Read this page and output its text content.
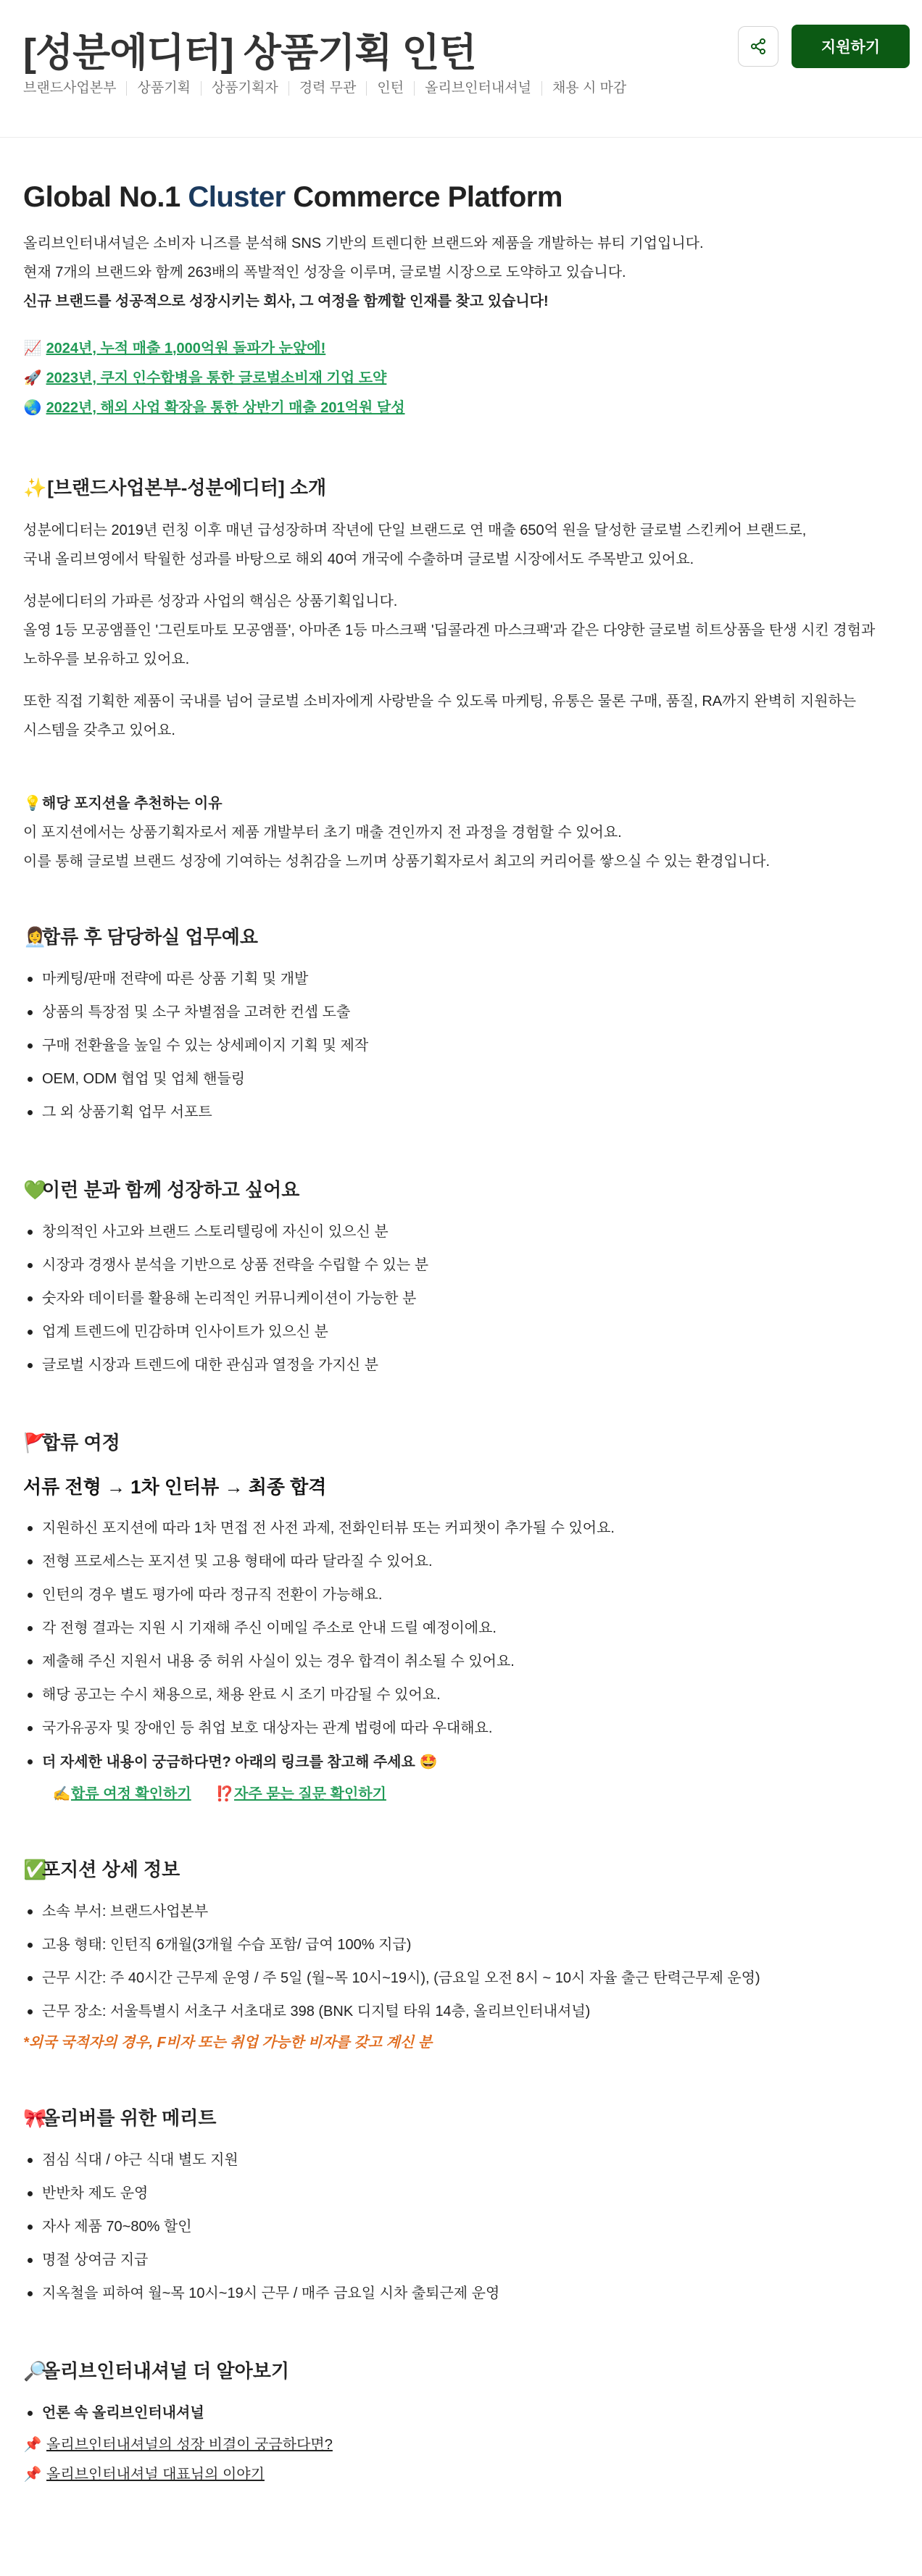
[성분에디터] 상품기획 인턴
브랜드사업본부	상품기획	상품기획자	경력 무관	인턴	올리브인터내셔널	채용 시 마감
지원하기
Global No.1 Cluster Commerce Platform

올리브인터내셔널은 소비자 니즈를 분석해 SNS 기반의 트렌디한 브랜드와 제품을 개발하는 뷰티 기업입니다.

현재 7개의 브랜드와 함께 263배의 폭발적인 성장을 이루며, 글로벌 시장으로 도약하고 있습니다.

신규 브랜드를 성공적으로 성장시키는 회사, 그 여정을 함께할 인재를 찾고 있습니다!

📈 2024년, 누적 매출 1,000억원 돌파가 눈앞에!
🚀 2023년, 쿠지 인수합병을 통한 글로벌소비재 기업 도약
🌏 2022년, 해외 사업 확장을 통한 상반기 매출 201억원 달성
✨ [브랜드사업본부-성분에디터] 소개

성분에디터는 2019년 런칭 이후 매년 급성장하며 작년에 단일 브랜드로 연 매출 650억 원을 달성한 글로벌 스킨케어 브랜드로,

국내 올리브영에서 탁월한 성과를 바탕으로 해외 40여 개국에 수출하며 글로벌 시장에서도 주목받고 있어요.

성분에디터의 가파른 성장과 사업의 핵심은 상품기획입니다.

올영 1등 모공앰플인 '그린토마토 모공앰플', 아마존 1등 마스크팩 '딥콜라겐 마스크팩'과 같은 다양한 글로벌 히트상품을 탄생 시킨 경험과

노하우를 보유하고 있어요.

또한 직접 기획한 제품이 국내를 넘어 글로벌 소비자에게 사랑받을 수 있도록 마케팅, 유통은 물론 구매, 품질, RA까지 완벽히 지원하는

시스템을 갖추고 있어요.

💡해당 포지션을 추천하는 이유

이 포지션에서는 상품기획자로서 제품 개발부터 초기 매출 견인까지 전 과정을 경험할 수 있어요.

이를 통해 글로벌 브랜드 성장에 기여하는 성취감을 느끼며 상품기획자로서 최고의 커리어를 쌓으실 수 있는 환경입니다.

👩‍💼합류 후 담당하실 업무예요
마케팅/판매 전략에 따른 상품 기획 및 개발
상품의 특장점 및 소구 차별점을 고려한 컨셉 도출
구매 전환율을 높일 수 있는 상세페이지 기획 및 제작
OEM, ODM 협업 및 업체 핸들링
그 외 상품기획 업무 서포트
💚이런 분과 함께 성장하고 싶어요
창의적인 사고와 브랜드 스토리텔링에 자신이 있으신 분
시장과 경쟁사 분석을 기반으로 상품 전략을 수립할 수 있는 분
숫자와 데이터를 활용해 논리적인 커뮤니케이션이 가능한 분
업계 트렌드에 민감하며 인사이트가 있으신 분
글로벌 시장과 트렌드에 대한 관심과 열정을 가지신 분
🚩합류 여정
서류 전형 → 1차 인터뷰 → 최종 합격
지원하신 포지션에 따라 1차 면접 전 사전 과제, 전화인터뷰 또는 커피챗이 추가될 수 있어요.
전형 프로세스는 포지션 및 고용 형태에 따라 달라질 수 있어요.
인턴의 경우 별도 평가에 따라 정규직 전환이 가능해요.
각 전형 결과는 지원 시 기재해 주신 이메일 주소로 안내 드릴 예정이에요.
제출해 주신 지원서 내용 중 허위 사실이 있는 경우 합격이 취소될 수 있어요.
해당 공고는 수시 채용으로, 채용 완료 시 조기 마감될 수 있어요.
국가유공자 및 장애인 등 취업 보호 대상자는 관계 법령에 따라 우대해요.
더 자세한 내용이 궁금하다면? 아래의 링크를 참고해 주세요 🤩
✍️합류 여정 확인하기 ⁉️자주 묻는 질문 확인하기
✅포지션 상세 정보
소속 부서: 브랜드사업본부
고용 형태: 인턴직 6개월(3개월 수습 포함/ 급여 100% 지급)
근무 시간: 주 40시간 근무제 운영 / 주 5일 (월~목 10시~19시), (금요일 오전 8시 ~ 10시 자율 출근 탄력근무제 운영)
근무 장소: 서울특별시 서초구 서초대로 398 (BNK 디지털 타워 14층, 올리브인터내셔널)
*외국 국적자의 경우, F비자 또는 취업 가능한 비자를 갖고 계신 분
🎀올리버를 위한 메리트
점심 식대 / 야근 식대 별도 지원
반반차 제도 운영
자사 제품 70~80% 할인
명절 상여금 지급
지옥철을 피하여 월~목 10시~19시 근무 / 매주 금요일 시차 출퇴근제 운영
🔎올리브인터내셔널 더 알아보기
언론 속 올리브인터내셔널
📌 올리브인터내셔널의 성장 비결이 궁금하다면?
📌 올리브인터내셔널 대표님의 이야기
